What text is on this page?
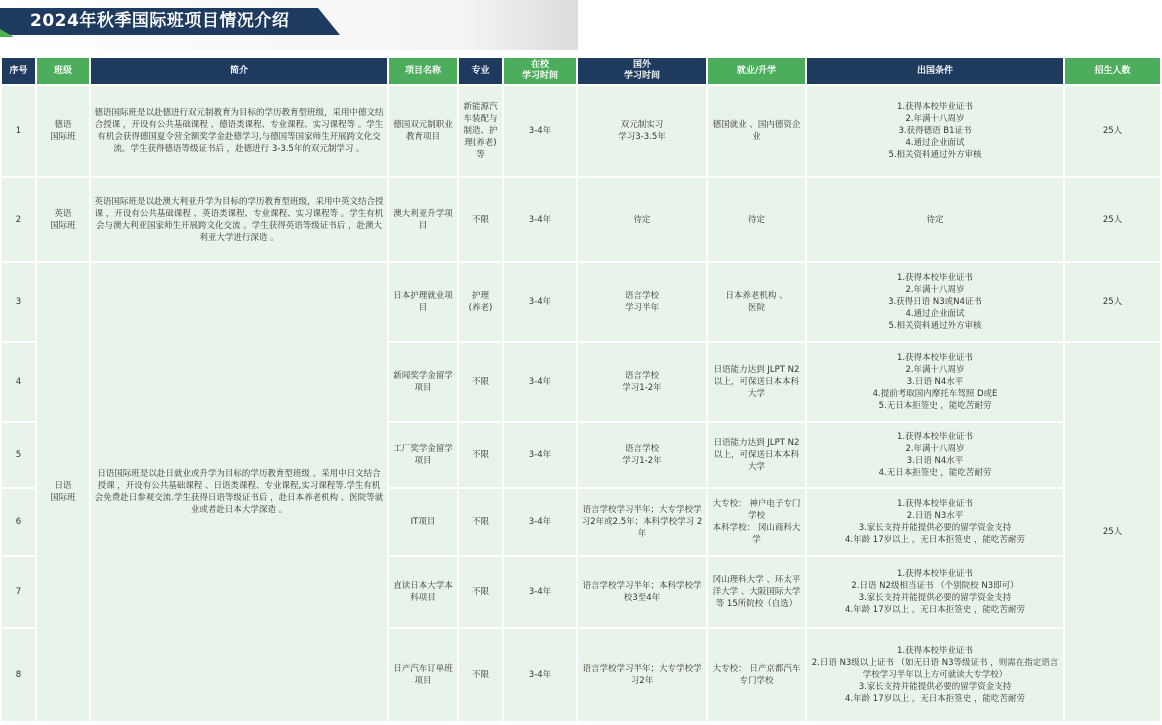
2024年秋季国际班项目情况介绍
序号	班级	简介	项目名称	专业	在校
学习时间	国外
学习时间	就业/升学	出国条件	招生人数
1	德语
国际班	德语国际班是以赴德进行双元制教育为目标的学历教育型班级，采用中德文结合授课 ，开设有公共基础课程 、德语类课程、专业课程、实习课程等 。学生有机会获得德国夏令营全额奖学金赴德学习,与德国等国家师生开展跨文化交流。学生获得德语等级证书后 ，赴德进行 3-3.5年的双元制学习 。	德国双元制职业教育项目	新能源汽车装配与制造、护理(养老)等	3-4年	双元制实习
学习3-3.5年	德国就业 、国内德资企业	1.获得本校毕业证书
2.年满十八周岁
3.获得德语 B1证书
4.通过企业面试
5.相关资料通过外方审核	25人
2	英语
国际班	英语国际班是以赴澳大利亚升学为目标的学历教育型班级，采用中英文结合授课 ，开设有公共基础课程 、英语类课程、专业课程、实习课程等 。学生有机会与澳大利亚国家师生开展跨文化交流 。学生获得英语等级证书后 ，赴澳大利亚大学进行深造 。	澳大利亚升学项目	不限	3-4年	待定	待定	待定	25人
3	日语
国际班	日语国际班是以赴日就业或升学为目标的学历教育型班级 。采用中日文结合授课 ，开设有公共基础课程 、日语类课程、专业课程,实习课程等.学生有机会免费赴日参观交流.学生获得日语等级证书后 ，赴日本养老机构 、医院等就业或者赴日本大学深造 。	日本护理就业项目	护理
(养老)	3-4年	语言学校
学习半年	日本养老机构 、
医院	1.获得本校毕业证书
2.年满十八周岁
3.获得日语 N3或N4证书
4.通过企业面试
5.相关资料通过外方审核	25人
4			新闻奖学金留学项目	不限	3-4年	语言学校
学习1-2年	日语能力达到 JLPT N2以上，可保送日本本科大学	1.获得本校毕业证书
2.年满十八周岁
3.日语 N4水平
4.提前考取国内摩托车驾照 D或E
5.无日本拒签史 ，能吃苦耐劳	25人
5			工厂奖学金留学项目	不限	3-4年	语言学校
学习1-2年	日语能力达到 JLPT N2以上，可保送日本本科大学	1.获得本校毕业证书
2.年满十八周岁
3.日语 N4水平
4.无日本拒签史 ，能吃苦耐劳	
6			IT项目	不限	3-4年	语言学校学习半年；大专学校学习2年或2.5年；本科学校学习 2年	大专校： 神户电子专门学校
本科学校： 冈山商科大学	1.获得本校毕业证书
2.日语 N3水平
3.家长支持并能提供必要的留学资金支持
4.年龄 17岁以上 ，无日本拒签史 ，能吃苦耐劳	
7			直读日本大学本科项目	不限	3-4年	语言学校学习半年；本科学校学校3至4年	冈山理科大学 、环太平洋大学 、大阪国际大学等 15所院校（自选）	1.获得本校毕业证书
2.日语 N2级相当证书 （个别院校 N3即可）
3.家长支持并能提供必要的留学资金支持
4.年龄 17岁以上 ，无日本拒签史 ，能吃苦耐劳	
8			日产汽车订单班项目	不限	3-4年	语言学校学习半年；大专学校学习2年	大专校： 日产京都汽车专门学校	1.获得本校毕业证书
2.日语 N3级以上证书 （如无日语 N3等级证书 ，则需在指定语言学校学习半年以上方可就读大专学校）
3.家长支持并能提供必要的留学资金支持
4.年龄 17岁以上 ，无日本拒签史 ，能吃苦耐劳	
